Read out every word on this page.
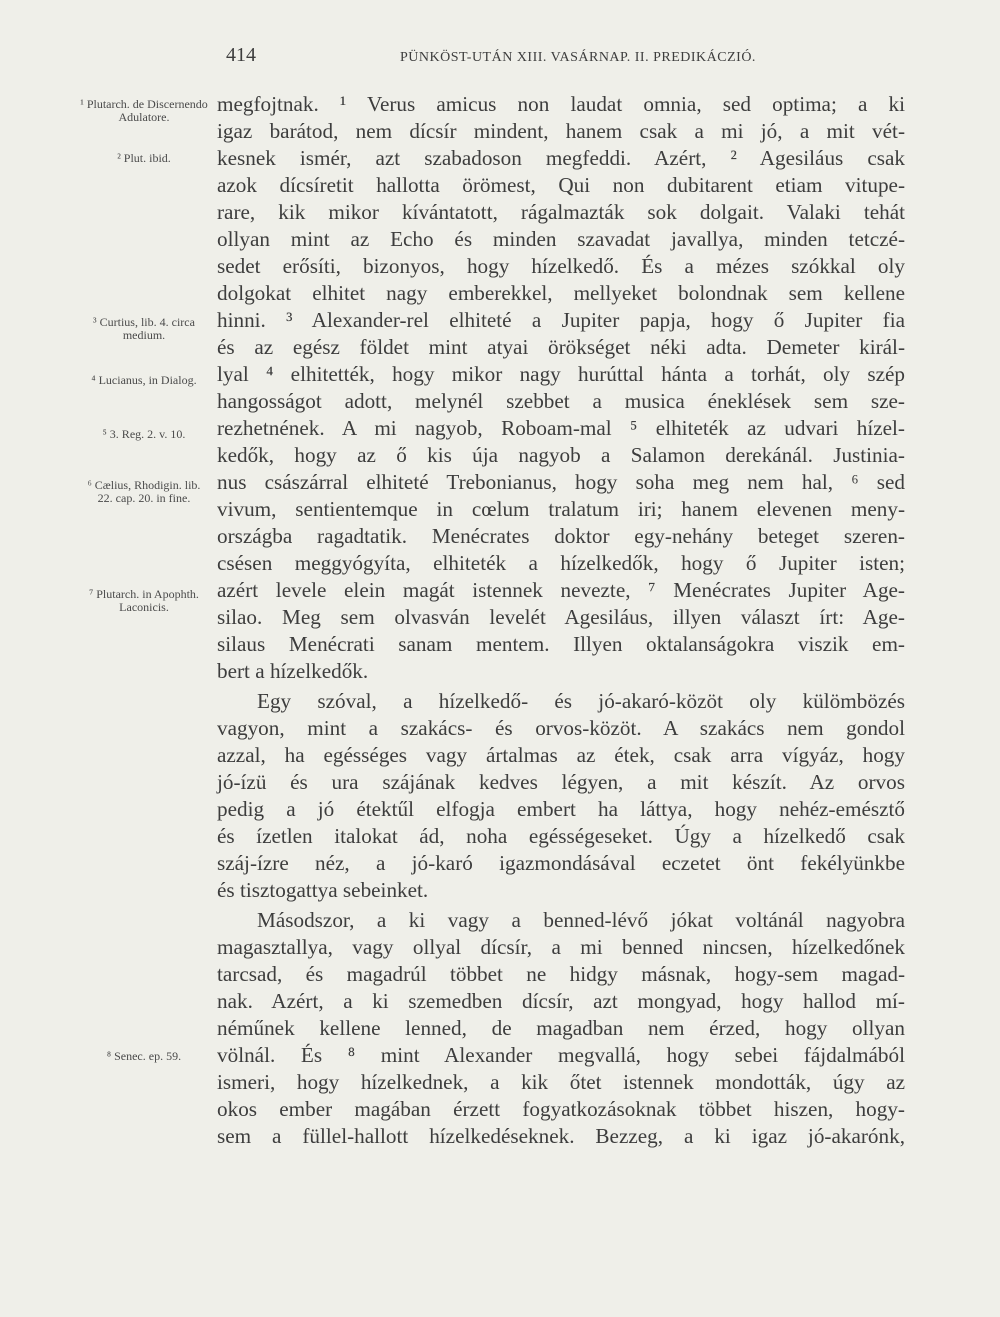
414	PÜNKÖST-UTÁN XIII. VASÁRNAP. II. PREDIKÁCZIÓ.
¹ Plutarch. de Discernendo Adulatore.
² Plut. ibid.
³ Curtius, lib. 4. circa medium.
⁴ Lucianus, in Dialog.
⁵ 3. Reg. 2. v. 10.
⁶ Cælius, Rhodigin. lib. 22. cap. 20. in fine.
⁷ Plutarch. in Apophth. Laconicis.
⁸ Senec. ep. 59.
megfojtnak. ¹ Verus amicus non laudat omnia, sed optima; a ki
igaz barátod, nem dícsír mindent, hanem csak a mi jó, a mit vét-
kesnek ismér, azt szabadoson megfeddi. Azért, ² Agesiláus csak
azok dícsíretit hallotta örömest, Qui non dubitarent etiam vitupe-
rare, kik mikor kívántatott, rágalmazták sok dolgait. Valaki tehát
ollyan mint az Echo és minden szavadat javallya, minden tetczé-
sedet erősíti, bizonyos, hogy hízelkedő. És a mézes szókkal oly
dolgokat elhitet nagy emberekkel, mellyeket bolondnak sem kellene
hinni. ³ Alexander-rel elhiteté a Jupiter papja, hogy ő Jupiter fia
és az egész földet mint atyai örökséget néki adta. Demeter királ-
lyal ⁴ elhitették, hogy mikor nagy hurúttal hánta a torhát, oly szép
hangosságot adott, melynél szebbet a musica éneklések sem sze-
rezhetnének. A mi nagyob, Roboam-mal ⁵ elhiteték az udvari hízel-
kedők, hogy az ő kis úja nagyob a Salamon derekánál. Justinia-
nus császárral elhiteté Trebonianus, hogy soha meg nem hal, ⁶ sed
vivum, sentientemque in cœlum tralatum iri; hanem elevenen meny-
országba ragadtatik. Menécrates doktor egy-nehány beteget szeren-
csésen meggyógyíta, elhiteték a hízelkedők, hogy ő Jupiter isten;
azért levele elein magát istennek nevezte, ⁷ Menécrates Jupiter Age-
silao. Meg sem olvasván levelét Agesiláus, illyen választ írt: Age-
silaus Menécrati sanam mentem. Illyen oktalanságokra viszik em-
bert a hízelkedők.
Egy szóval, a hízelkedő- és jó-akaró-közöt oly külömbözés
vagyon, mint a szakács- és orvos-közöt. A szakács nem gondol
azzal, ha egésséges vagy ártalmas az étek, csak arra vígyáz, hogy
jó-ízü és ura szájának kedves légyen, a mit készít. Az orvos
pedig a jó étektűl elfogja embert ha láttya, hogy nehéz-emésztő
és ízetlen italokat ád, noha egésségeseket. Úgy a hízelkedő csak
száj-ízre néz, a jó-karó igazmondásával eczetet önt fekélyünkbe
és tisztogattya sebeinket.
Másodszor, a ki vagy a benned-lévő jókat voltánál nagyobra
magasztallya, vagy ollyal dícsír, a mi benned nincsen, hízelkedőnek
tarcsad, és magadrúl többet ne hidgy másnak, hogy-sem magad-
nak. Azért, a ki szemedben dícsír, azt mongyad, hogy hallod mí-
néműnek kellene lenned, de magadban nem érzed, hogy ollyan
völnál. És ⁸ mint Alexander megvallá, hogy sebei fájdalmából
ismeri, hogy hízelkednek, a kik őtet istennek mondották, úgy az
okos ember magában érzett fogyatkozásoknak többet hiszen, hogy-
sem a füllel-hallott hízelkedéseknek. Bezzeg, a ki igaz jó-akarónk,
